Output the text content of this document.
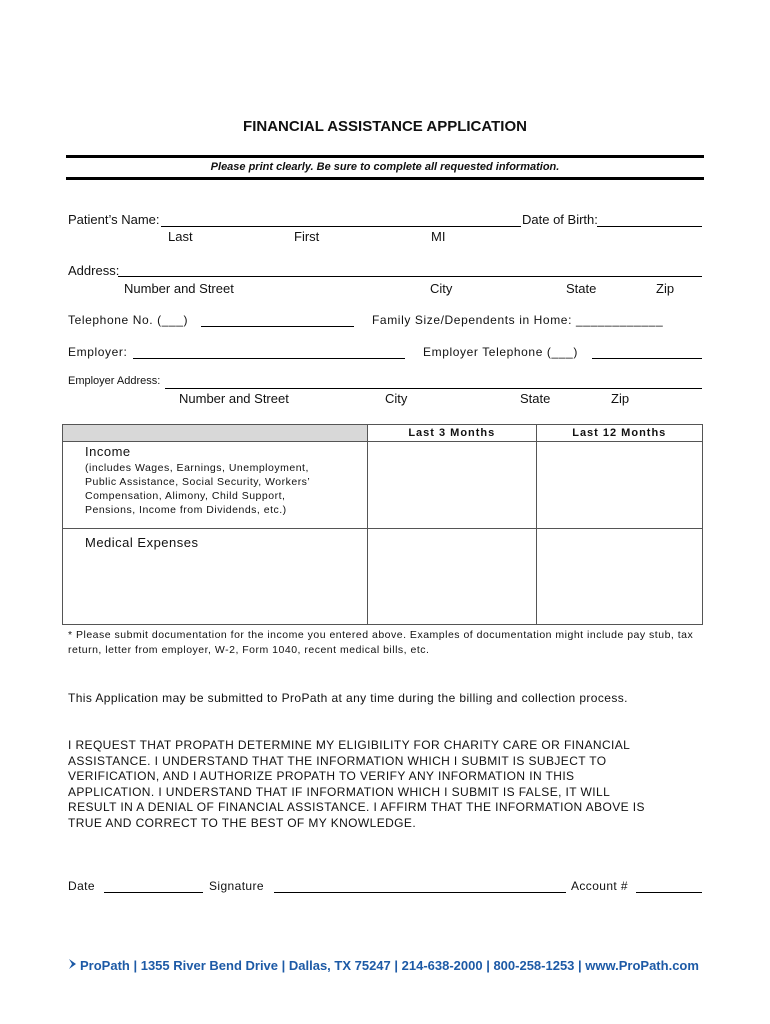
FINANCIAL ASSISTANCE APPLICATION
Please print clearly. Be sure to complete all requested information.
Patient’s Name:	Date of Birth:
Last	First	MI
Address:
Number and Street	City	State	Zip
Telephone No. (___)	Family Size/Dependents in Home: ____________
Employer:	Employer Telephone (___)
Employer Address:
Number and Street	City	State	Zip
	Last 3 Months	Last 12 Months

Income
(includes Wages, Earnings, Unemployment,
Public Assistance, Social Security, Workers’
Compensation, Alimony, Child Support,
Pensions, Income from Dividends, etc.)		

Medical Expenses		

* Please submit documentation for the income you entered above. Examples of documentation might include pay stub, tax return, letter from employer, W-2, Form 1040, recent medical bills, etc.
This Application may be submitted to ProPath at any time during the billing and collection process.
I REQUEST THAT PROPATH DETERMINE MY ELIGIBILITY FOR CHARITY CARE OR FINANCIAL
ASSISTANCE. I UNDERSTAND THAT THE INFORMATION WHICH I SUBMIT IS SUBJECT TO
VERIFICATION, AND I AUTHORIZE PROPATH TO VERIFY ANY INFORMATION IN THIS
APPLICATION. I UNDERSTAND THAT IF INFORMATION WHICH I SUBMIT IS FALSE, IT WILL
RESULT IN A DENIAL OF FINANCIAL ASSISTANCE. I AFFIRM THAT THE INFORMATION ABOVE IS
TRUE AND CORRECT TO THE BEST OF MY KNOWLEDGE.
Date	Signature	Account #
ProPath | 1355 River Bend Drive | Dallas, TX 75247 | 214-638-2000 | 800-258-1253 | www.ProPath.com
